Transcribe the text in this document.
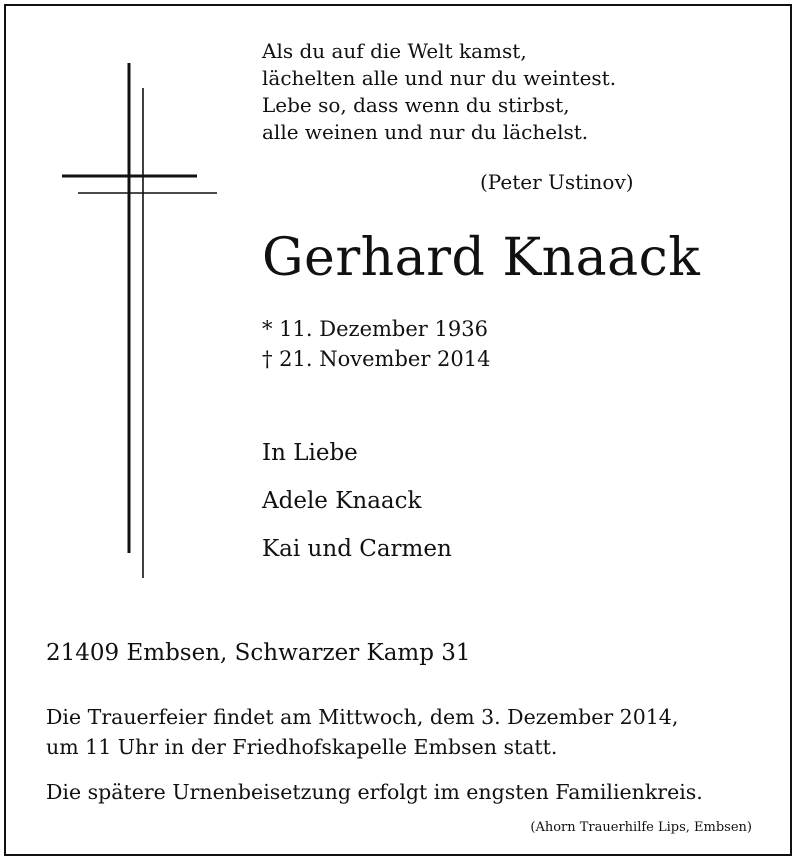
Als du auf die Welt kamst,
lächelten alle und nur du weintest.
Lebe so, dass wenn du stirbst,
alle weinen und nur du lächelst.
(Peter Ustinov)
Gerhard Knaack
* 11. Dezember 1936
† 21. November 2014
In Liebe
Adele Knaack
Kai und Carmen
21409 Embsen, Schwarzer Kamp 31
Die Trauerfeier findet am Mittwoch, dem 3. Dezember 2014,
um 11 Uhr in der Friedhofskapelle Embsen statt.
Die spätere Urnenbeisetzung erfolgt im engsten Familienkreis.
(Ahorn Trauerhilfe Lips, Embsen)
